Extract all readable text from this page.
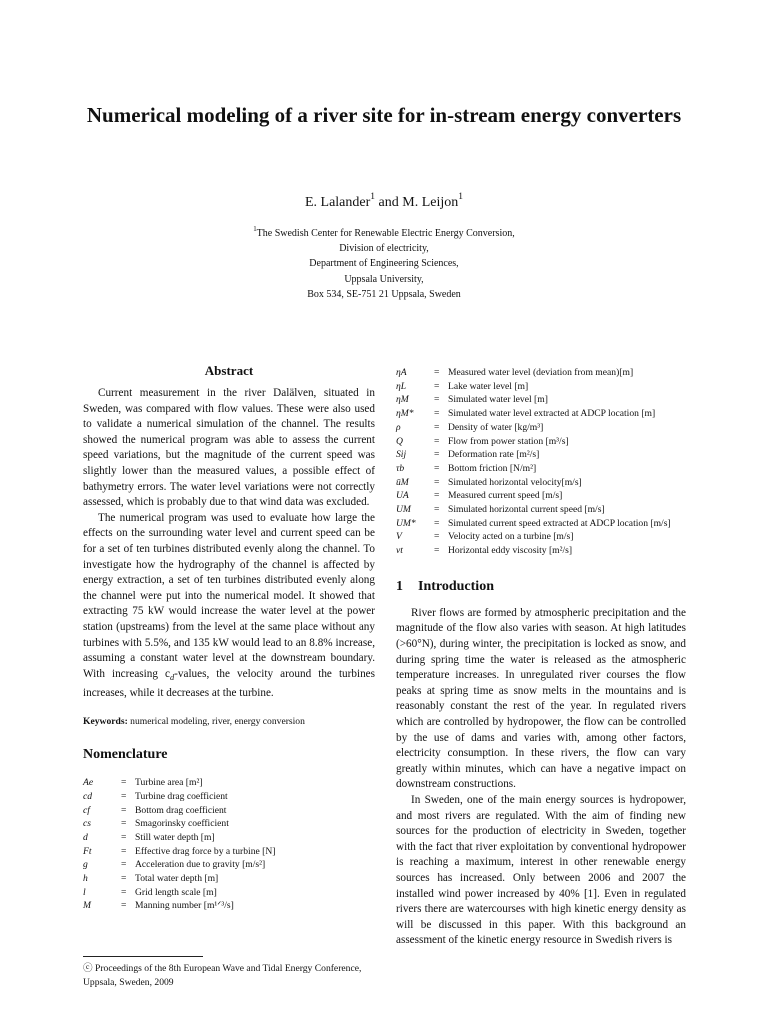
Numerical modeling of a river site for in-stream energy converters
E. Lalander$^1$ and M. Leijon$^1$
$^1$The Swedish Center for Renewable Electric Energy Conversion,
Division of electricity,
Department of Engineering Sciences,
Uppsala University,
Box 534, SE-751 21 Uppsala, Sweden
Abstract

Current measurement in the river Dalälven, situated in Sweden, was compared with flow values. These were also used to validate a numerical simulation of the channel. The results showed the numerical program was able to assess the current speed variations, but the magnitude of the current speed was slightly lower than the measured values, a possible effect of bathymetry errors. The water level variations were not correctly assessed, which is probably due to that wind data was excluded.

The numerical program was used to evaluate how large the effects on the surrounding water level and current speed can be for a set of ten turbines distributed evenly along the channel. To investigate how the hydrography of the channel is affected by energy extraction, a set of ten turbines distributed evenly along the channel were put into the numerical model. It showed that extracting 75 kW would increase the water level at the power station (upstreams) from the level at the same place without any turbines with 5.5%, and 135 kW would lead to an 8.8% increase, assuming a constant water level at the downstream boundary. With increasing $c_d$-values, the velocity around the turbines increases, while it decreases at the turbine.

Keywords: numerical modeling, river, energy conversion

Nomenclature
Ae	= Turbine area [m²]
cd	= Turbine drag coefficient
cf	= Bottom drag coefficient
cs	= Smagorinsky coefficient
d	= Still water depth [m]
Ft	= Effective drag force by a turbine [N]
g	= Acceleration due to gravity [m/s²]
h	= Total water depth [m]
l	= Grid length scale [m]
M	= Manning number [m¹ᐟ³/s]
ⓒ Proceedings of the 8th European Wave and Tidal Energy Conference, Uppsala, Sweden, 2009
ηA	= Measured water level (deviation from mean)[m]
ηL	= Lake water level [m]
ηM	= Simulated water level [m]
ηM*	= Simulated water level extracted at ADCP location [m]
ρ	= Density of water [kg/m³]
Q	= Flow from power station [m³/s]
Sij	= Deformation rate [m²/s]
τb	= Bottom friction [N/m²]
ūM	= Simulated horizontal velocity[m/s]
UA	= Measured current speed [m/s]
UM	= Simulated horizontal current speed [m/s]
UM*	= Simulated current speed extracted at ADCP location [m/s]
V	= Velocity acted on a turbine [m/s]
vt	= Horizontal eddy viscosity [m²/s]
1 Introduction

River flows are formed by atmospheric precipitation and the magnitude of the flow also varies with season. At high latitudes (>60°N), during winter, the precipitation is locked as snow, and during spring time the water is released as the atmospheric temperature increases. In unregulated river courses the flow peaks at spring time as snow melts in the mountains and is reasonably constant the rest of the year. In regulated rivers which are controlled by hydropower, the flow can be controlled by the use of dams and varies with, among other factors, electricity consumption. In these rivers, the flow can vary greatly within minutes, which can have a negative impact on downstream constructions.

In Sweden, one of the main energy sources is hydropower, and most rivers are regulated. With the aim of finding new sources for the production of electricity in Sweden, together with the fact that river exploitation by conventional hydropower is reaching a maximum, interest in other renewable energy sources has increased. Only between 2006 and 2007 the installed wind power increased by 40% [1]. Even in regulated rivers there are watercourses with high kinetic energy density as will be discussed in this paper. With this background an assessment of the kinetic energy resource in Swedish rivers is
